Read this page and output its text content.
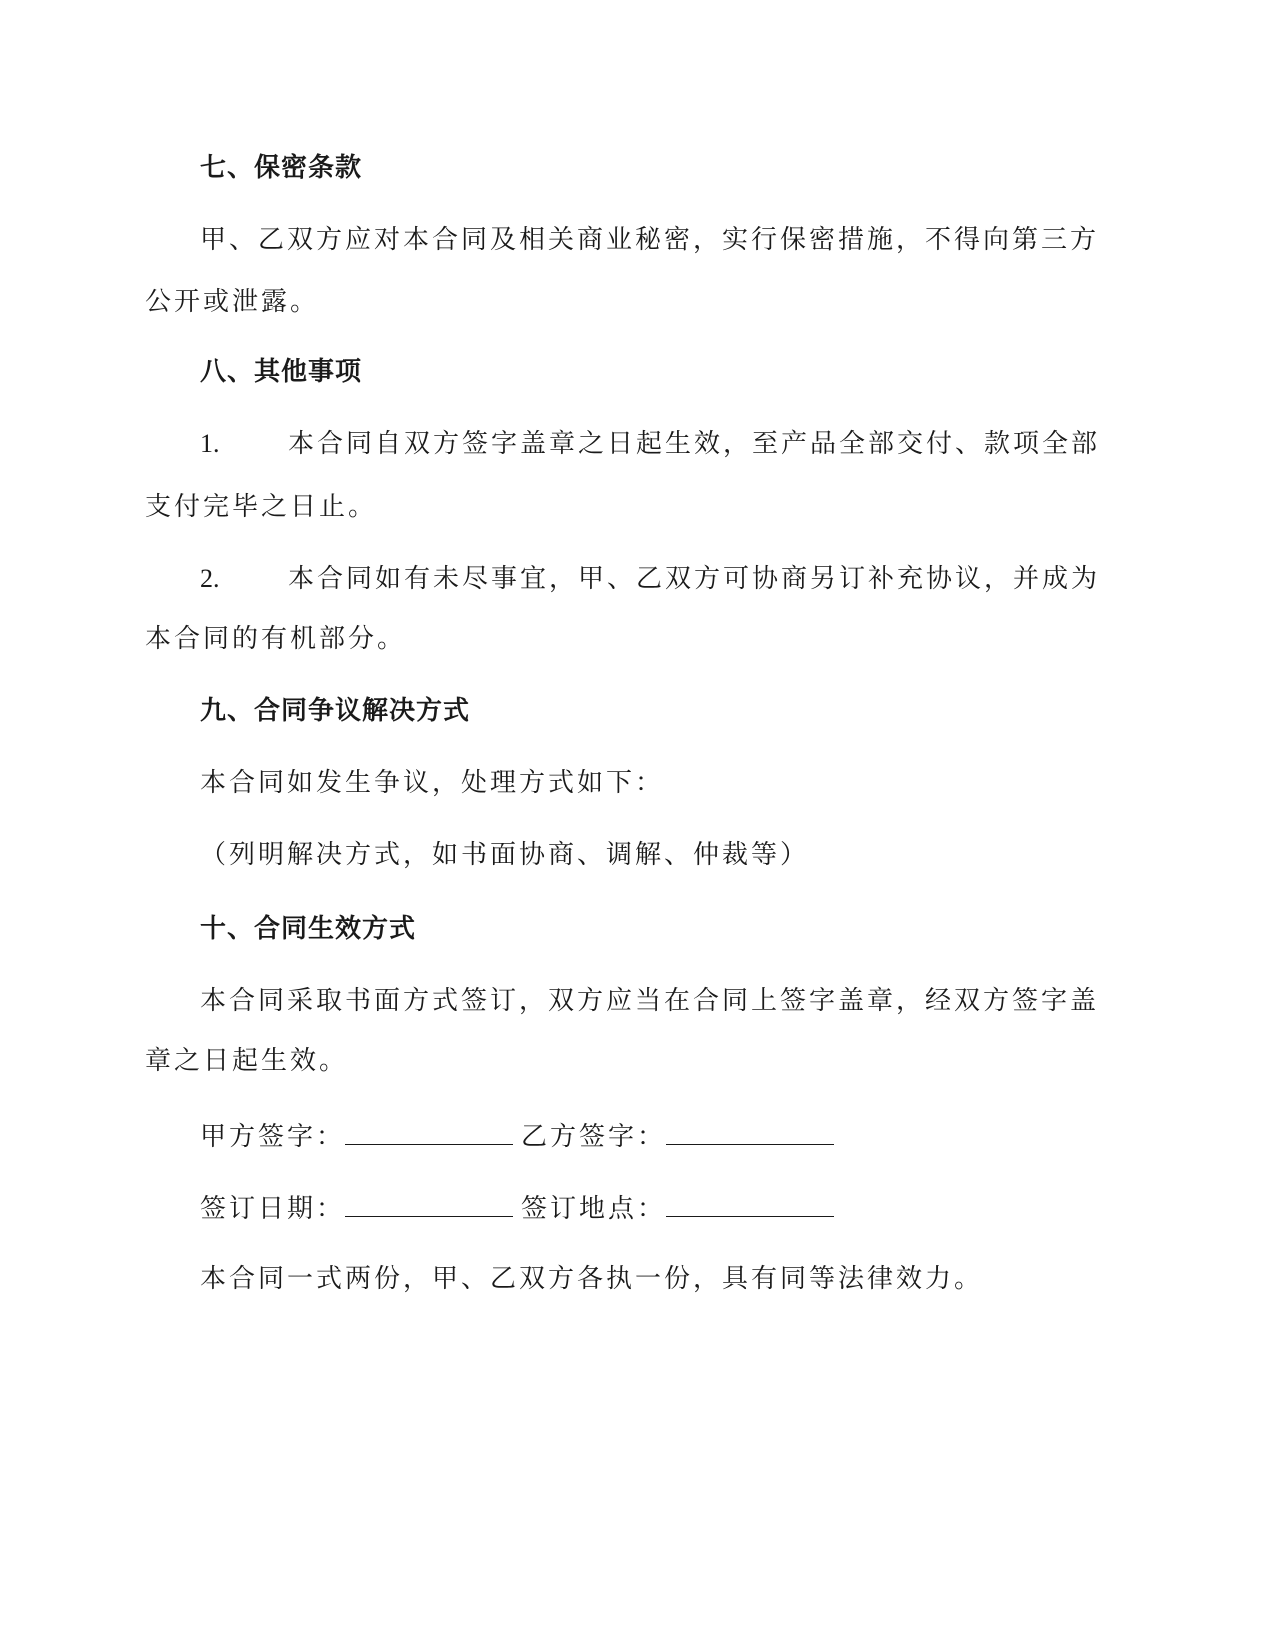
七、保密条款
甲、乙双方应对本合同及相关商业秘密，实行保密措施，不得向第三方
公开或泄露。
八、其他事项
1.	本合同自双方签字盖章之日起生效，至产品全部交付、款项全部
支付完毕之日止。
2.	本合同如有未尽事宜，甲、乙双方可协商另订补充协议，并成为
本合同的有机部分。
九、合同争议解决方式
本合同如发生争议，处理方式如下：
（列明解决方式，如书面协商、调解、仲裁等）
十、合同生效方式
本合同采取书面方式签订，双方应当在合同上签字盖章，经双方签字盖
章之日起生效。
甲方签字：	乙方签字：
签订日期：	签订地点：
本合同一式两份，甲、乙双方各执一份，具有同等法律效力。
